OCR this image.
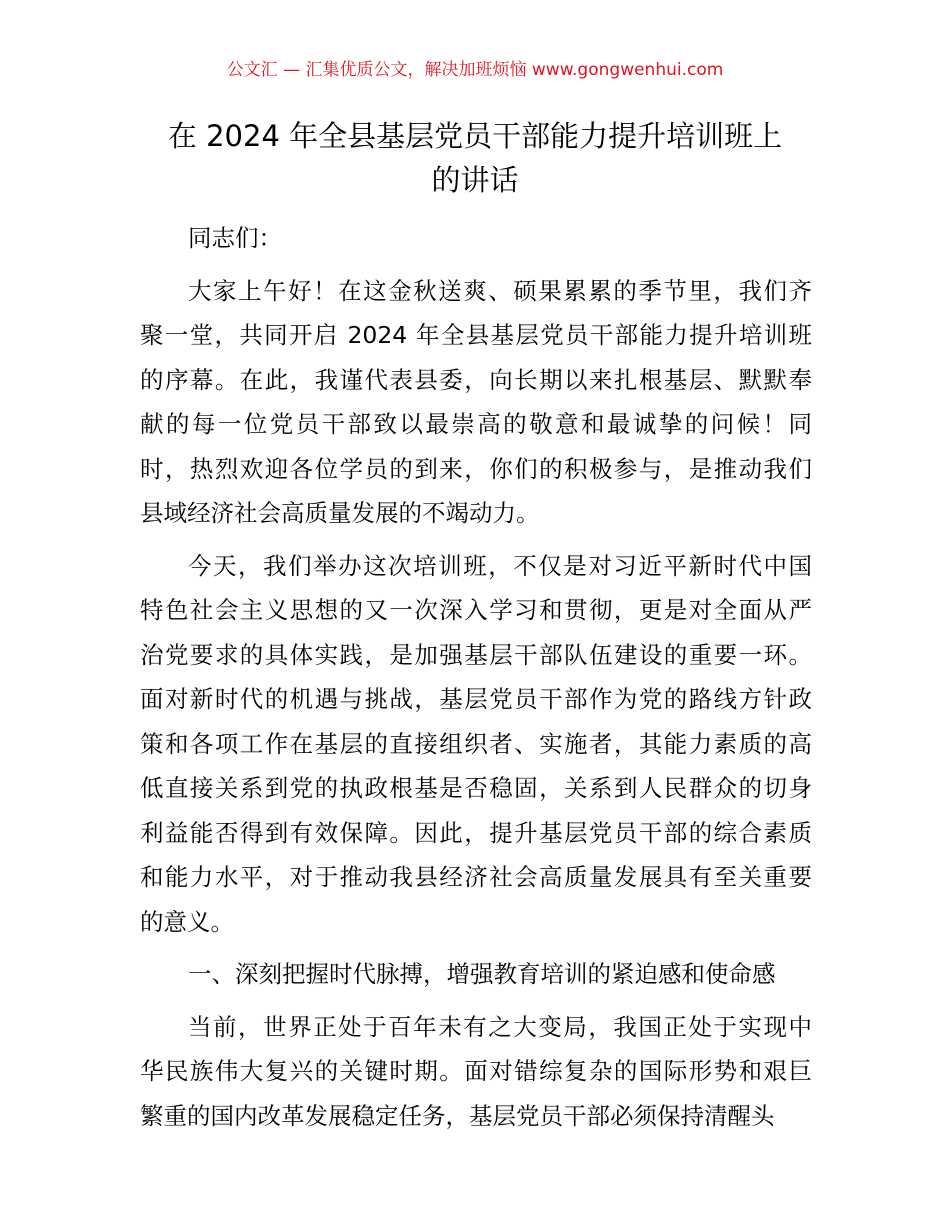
公文汇 — 汇集优质公文，解决加班烦恼 www.gongwenhui.com
在 2024 年全县基层党员干部能力提升培训班上
的讲话
同志们：
大家上午好！在这金秋送爽、硕果累累的季节里，我们齐
聚一堂，共同开启 2024 年全县基层党员干部能力提升培训班
的序幕。在此，我谨代表县委，向长期以来扎根基层、默默奉
献的每一位党员干部致以最崇高的敬意和最诚挚的问候！同
时，热烈欢迎各位学员的到来，你们的积极参与，是推动我们
县域经济社会高质量发展的不竭动力。
今天，我们举办这次培训班，不仅是对习近平新时代中国
特色社会主义思想的又一次深入学习和贯彻，更是对全面从严
治党要求的具体实践，是加强基层干部队伍建设的重要一环。
面对新时代的机遇与挑战，基层党员干部作为党的路线方针政
策和各项工作在基层的直接组织者、实施者，其能力素质的高
低直接关系到党的执政根基是否稳固，关系到人民群众的切身
利益能否得到有效保障。因此，提升基层党员干部的综合素质
和能力水平，对于推动我县经济社会高质量发展具有至关重要
的意义。
一、深刻把握时代脉搏，增强教育培训的紧迫感和使命感
当前，世界正处于百年未有之大变局，我国正处于实现中
华民族伟大复兴的关键时期。面对错综复杂的国际形势和艰巨
繁重的国内改革发展稳定任务，基层党员干部必须保持清醒头
